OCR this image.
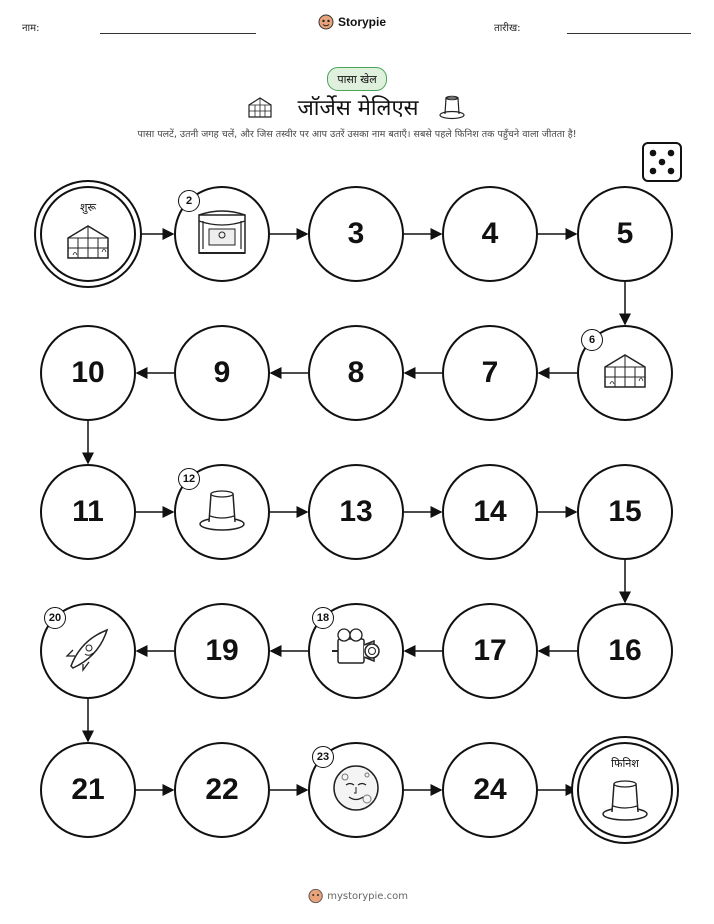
नाम:	Storypie	तारीख:
पासा खेल
जॉर्जेस मेलिएस
पासा पलटें, उतनी जगह चलें, और जिस तस्वीर पर आप उतरें उसका नाम बताएँ। सबसे पहले फिनिश तक पहुँचने वाला जीतता है!
शुरू	2
3	4	5
6
7
8
9
10
11
12
13	14	15
16
17
18
19
20
21	22
23
24
फिनिश
mystorypie.com
